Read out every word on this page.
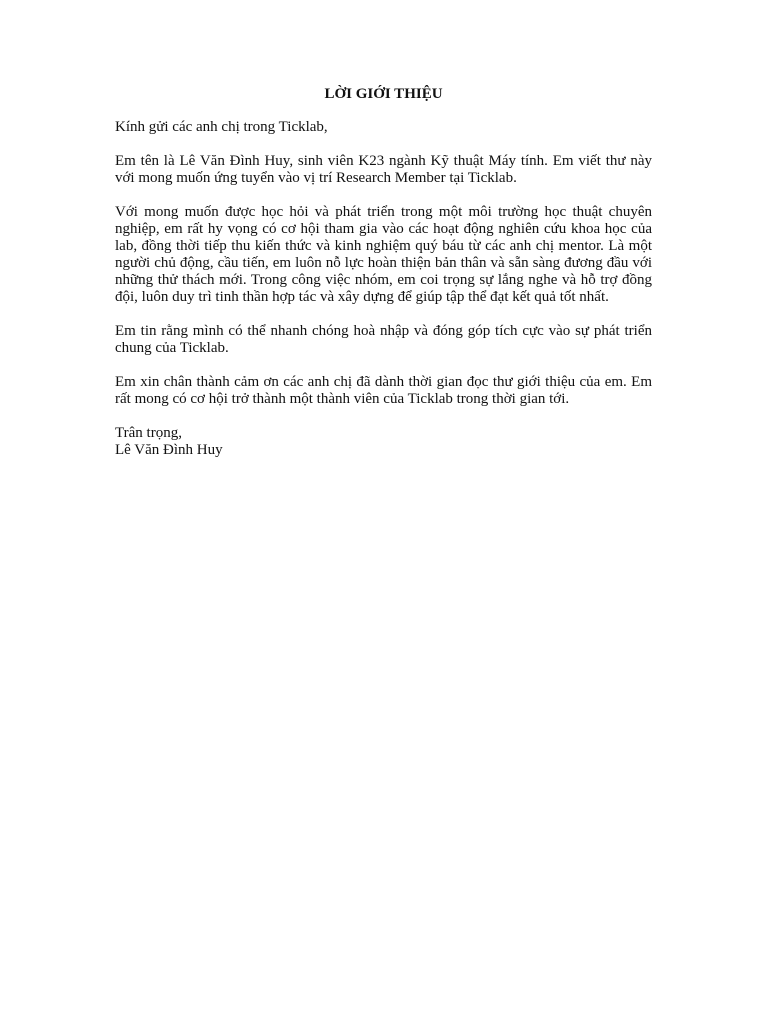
LỜI GIỚI THIỆU

Kính gửi các anh chị trong Ticklab,

Em tên là Lê Văn Đình Huy, sinh viên K23 ngành Kỹ thuật Máy tính. Em viết thư này với mong muốn ứng tuyển vào vị trí Research Member tại Ticklab.

Với mong muốn được học hỏi và phát triển trong một môi trường học thuật chuyên nghiệp, em rất hy vọng có cơ hội tham gia vào các hoạt động nghiên cứu khoa học của lab, đồng thời tiếp thu kiến thức và kinh nghiệm quý báu từ các anh chị mentor. Là một người chủ động, cầu tiến, em luôn nỗ lực hoàn thiện bản thân và sẵn sàng đương đầu với những thử thách mới. Trong công việc nhóm, em coi trọng sự lắng nghe và hỗ trợ đồng đội, luôn duy trì tinh thần hợp tác và xây dựng để giúp tập thể đạt kết quả tốt nhất.

Em tin rằng mình có thể nhanh chóng hoà nhập và đóng góp tích cực vào sự phát triển chung của Ticklab.

Em xin chân thành cảm ơn các anh chị đã dành thời gian đọc thư giới thiệu của em. Em rất mong có cơ hội trở thành một thành viên của Ticklab trong thời gian tới.

Trân trọng,
Lê Văn Đình Huy
